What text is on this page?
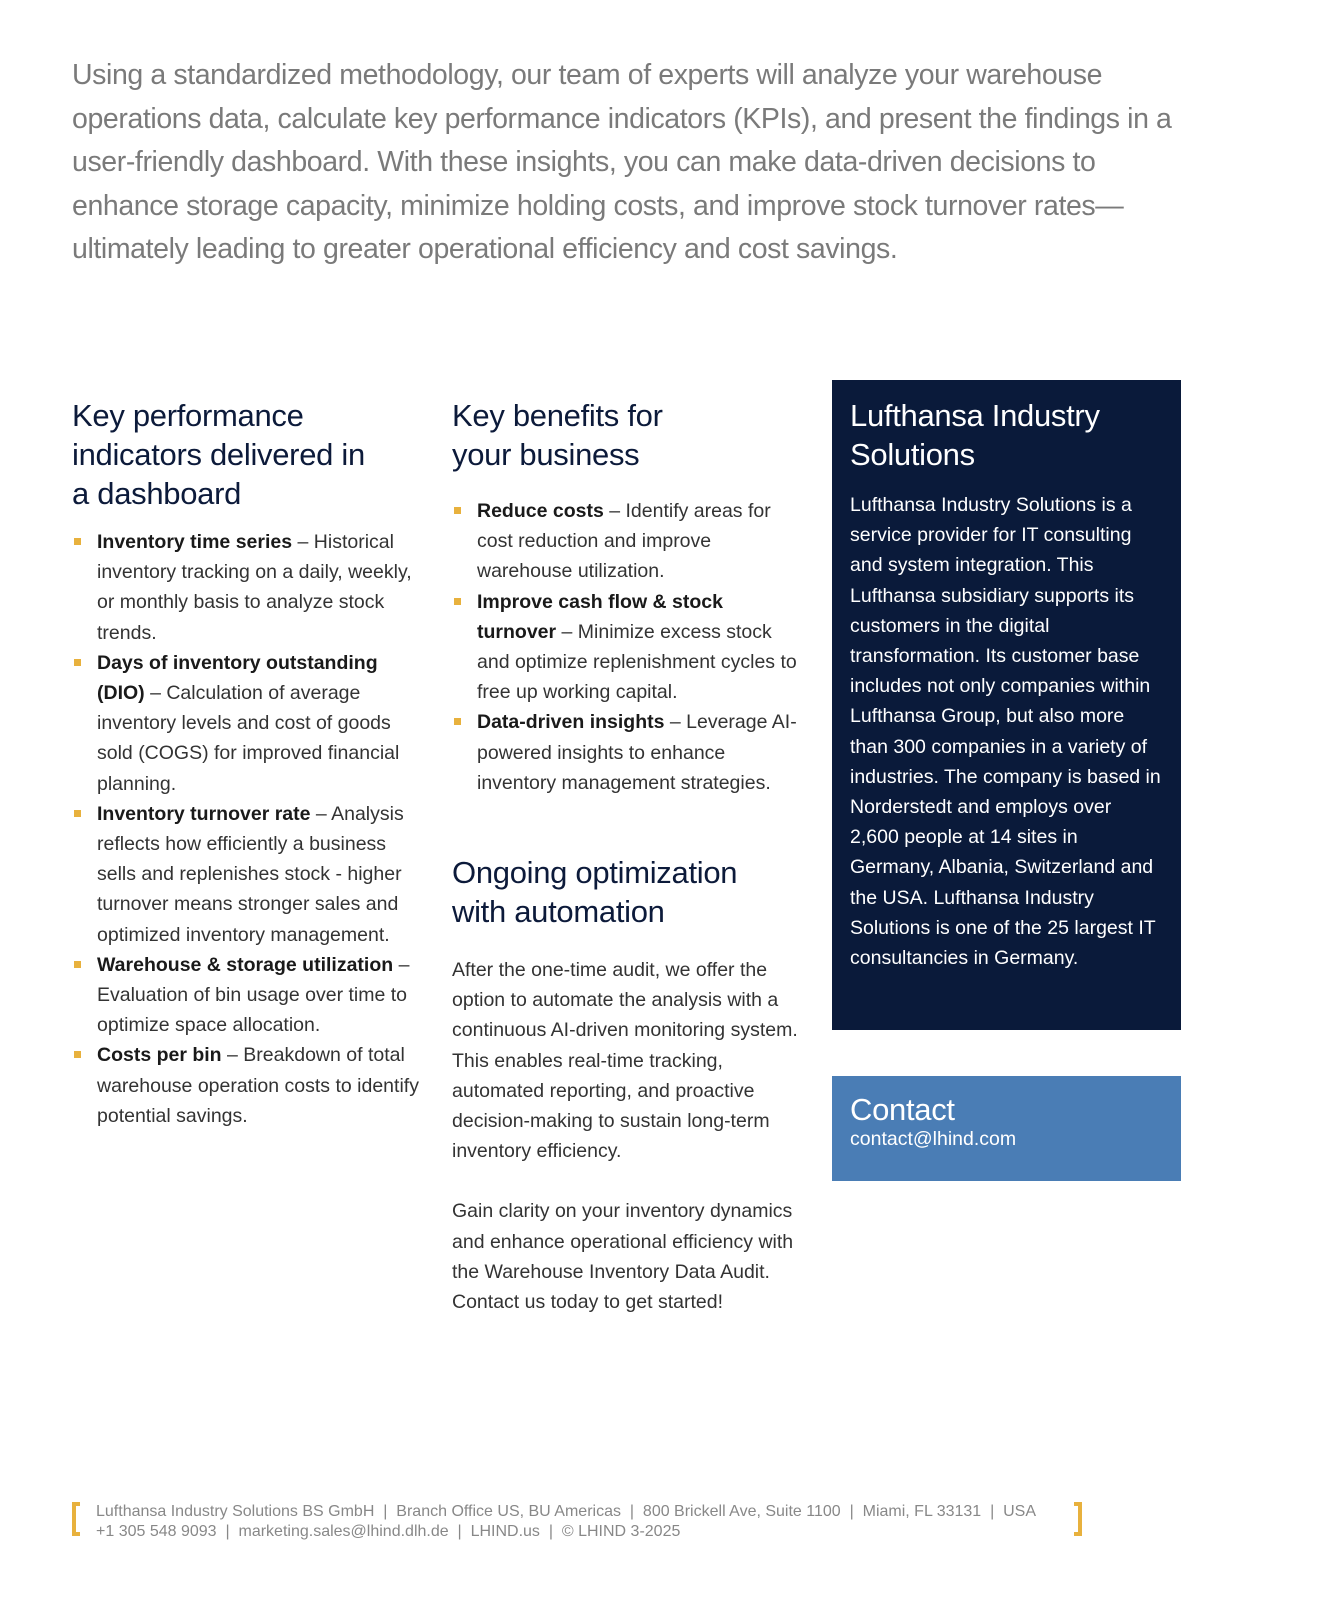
Using a standardized methodology, our team of experts will analyze your warehouse operations data, calculate key performance indicators (KPIs), and present the findings in a user-friendly dashboard. With these insights, you can make data-driven decisions to enhance storage capacity, minimize holding costs, and improve stock turnover rates—ultimately leading to greater operational efficiency and cost savings.

Key performance indicators delivered in a dashboard
Inventory time series – Historical inventory tracking on a daily, weekly, or monthly basis to analyze stock trends.
Days of inventory outstanding (DIO) – Calculation of average inventory levels and cost of goods sold (COGS) for improved financial planning.
Inventory turnover rate – Analysis reflects how efficiently a business sells and replenishes stock - higher turnover means stronger sales and optimized inventory management.
Warehouse & storage utilization – Evaluation of bin usage over time to optimize space allocation.
Costs per bin – Breakdown of total warehouse operation costs to identify potential savings.
Key benefits for your business
Reduce costs – Identify areas for cost reduction and improve warehouse utilization.
Improve cash flow & stock turnover – Minimize excess stock and optimize replenishment cycles to free up working capital.
Data-driven insights – Leverage AI-powered insights to enhance inventory management strategies.
Ongoing optimization with automation

After the one-time audit, we offer the option to automate the analysis with a continuous AI-driven monitoring system. This enables real-time tracking, automated reporting, and proactive decision-making to sustain long-term inventory efficiency.

Gain clarity on your inventory dynamics and enhance operational efficiency with the Warehouse Inventory Data Audit. Contact us today to get started!

Lufthansa Industry Solutions

Lufthansa Industry Solutions is a service provider for IT consulting and system integration. This Lufthansa subsidiary supports its customers in the digital transformation. Its customer base includes not only companies within Lufthansa Group, but also more than 300 companies in a variety of industries. The company is based in Norderstedt and employs over 2,600 people at 14 sites in Germany, Albania, Switzerland and the USA. Lufthansa Industry Solutions is one of the 25 largest IT consultancies in Germany.

Contact
contact@lhind.com
Lufthansa Industry Solutions BS GmbH  |  Branch Office US, BU Americas  |  800 Brickell Ave, Suite 1100  |  Miami, FL 33131  |  USA
+1 305 548 9093  |  marketing.sales@lhind.dlh.de  |  LHIND.us  |  © LHIND 3-2025
